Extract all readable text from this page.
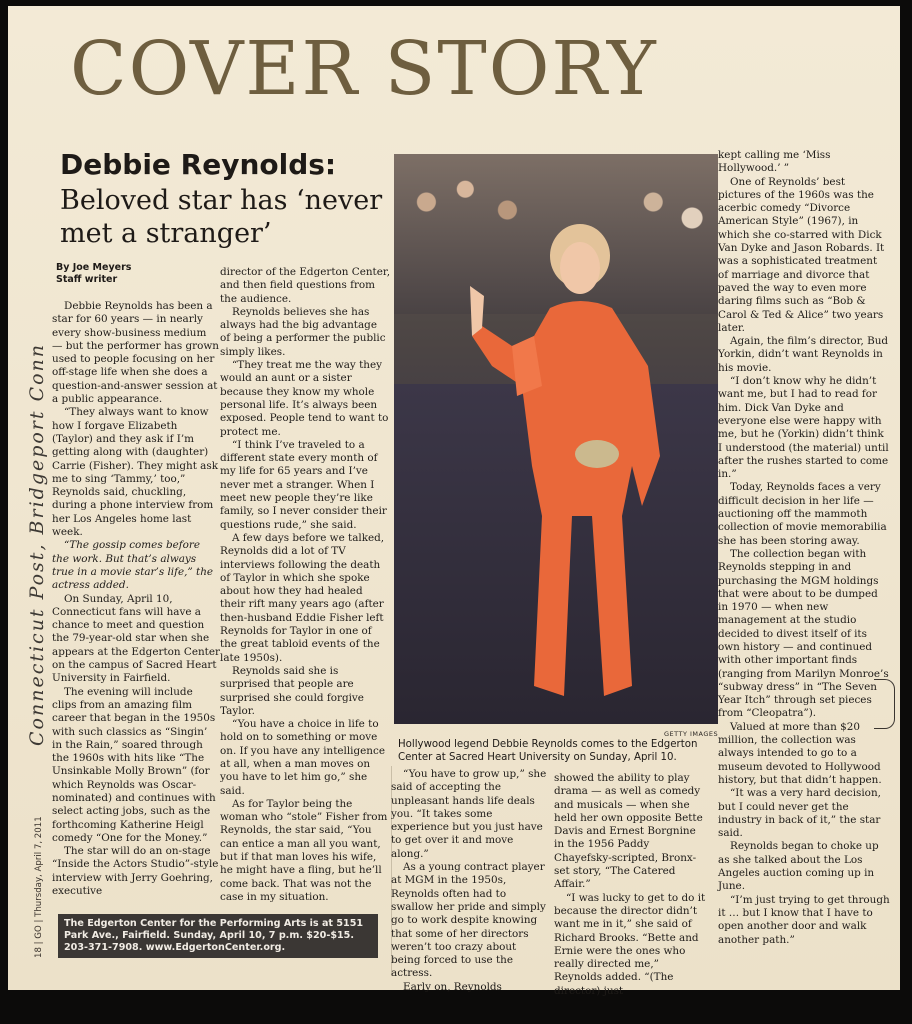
COVER STORY
Debbie Reynolds:
Beloved star has ‘never met a stranger’
By Joe Meyers
Staff writer

Debbie Reynolds has been a star for 60 years — in nearly every show-business medium — but the performer has grown used to people focusing on her off-stage life when she does a question-and-answer session at a public appearance.

“They always want to know how I forgave Elizabeth (Taylor) and they ask if I’m getting along with (daughter) Carrie (Fisher). They might ask me to sing ‘Tammy,’ too,” Reynolds said, chuckling, during a phone interview from her Los Angeles home last week.

“The gossip comes before the work. But that’s always true in a movie star’s life,” the actress added.

On Sunday, April 10, Connecticut fans will have a chance to meet and question the 79-year-old star when she appears at the Edgerton Center on the campus of Sacred Heart University in Fairfield.

The evening will include clips from an amazing film career that began in the 1950s with such classics as “Singin’ in the Rain,” soared through the 1960s with hits like “The Unsinkable Molly Brown” (for which Reynolds was Oscar-nominated) and continues with select acting jobs, such as the forthcoming Katherine Heigl comedy “One for the Money.”

The star will do an on-stage “Inside the Actors Studio”-style interview with Jerry Goehring, executive

director of the Edgerton Center, and then field questions from the audience.

Reynolds believes she has always had the big advantage of being a performer the public simply likes.

“They treat me the way they would an aunt or a sister because they know my whole personal life. It’s always been exposed. People tend to want to protect me.

“I think I’ve traveled to a different state every month of my life for 65 years and I’ve never met a stranger. When I meet new people they’re like family, so I never consider their questions rude,” she said.

A few days before we talked, Reynolds did a lot of TV interviews following the death of Taylor in which she spoke about how they had healed their rift many years ago (after then-husband Eddie Fisher left Reynolds for Taylor in one of the great tabloid events of the late 1950s).

Reynolds said she is surprised that people are surprised she could forgive Taylor.

“You have a choice in life to hold on to something or move on. If you have any intelligence at all, when a man moves on you have to let him go,” she said.

As for Taylor being the woman who “stole” Fisher from Reynolds, the star said, “You can entice a man all you want, but if that man loves his wife, he might have a fling, but he’ll come back. That was not the case in my situation.

GETTY IMAGES
Hollywood legend Debbie Reynolds comes to the Edgerton Center at Sacred Heart University on Sunday, April 10.

“You have to grow up,” she said of accepting the unpleasant hands life deals you. “It takes some experience but you just have to get over it and move along.”

As a young contract player at MGM in the 1950s, Reynolds often had to swallow her pride and simply go to work despite knowing that some of her directors weren’t too crazy about being forced to use the actress.

Early on, Reynolds

showed the ability to play drama — as well as comedy and musicals — when she held her own opposite Bette Davis and Ernest Borgnine in the 1956 Paddy Chayefsky-scripted, Bronx-set story, “The Catered Affair.”

“I was lucky to get to do it because the director didn’t want me in it,” she said of Richard Brooks. “Bette and Ernie were the ones who really directed me,” Reynolds added. “(The director) just

kept calling me ‘Miss Hollywood.’ ”

One of Reynolds’ best pictures of the 1960s was the acerbic comedy “Divorce American Style” (1967), in which she co-starred with Dick Van Dyke and Jason Robards. It was a sophisticated treatment of marriage and divorce that paved the way to even more daring films such as “Bob & Carol & Ted & Alice” two years later.

Again, the film’s director, Bud Yorkin, didn’t want Reynolds in his movie.

“I don’t know why he didn’t want me, but I had to read for him. Dick Van Dyke and everyone else were happy with me, but he (Yorkin) didn’t think I understood (the material) until after the rushes started to come in.”

Today, Reynolds faces a very difficult decision in her life — auctioning off the mammoth collection of movie memorabilia she has been storing away.

The collection began with Reynolds stepping in and purchasing the MGM holdings that were about to be dumped in 1970 — when new management at the studio decided to divest itself of its own history — and continued with other important finds (ranging from Marilyn Monroe’s “subway dress” in “The Seven Year Itch” through set pieces from “Cleopatra”).

Valued at more than $20 million, the collection was always intended to go to a museum devoted to Hollywood history, but that didn’t happen.

“It was a very hard decision, but I could never get the industry in back of it,” the star said.

Reynolds began to choke up as she talked about the Los Angeles auction coming up in June.

“I’m just trying to get through it … but I know that I have to open another door and walk another path.”

The Edgerton Center for the Performing Arts is at 5151 Park Ave., Fairfield. Sunday, April 10, 7 p.m. $20-$15. 203-371-7908. www.EdgertonCenter.org.
18 | GO | Thursday, April 7, 2011
Connecticut Post, Bridgeport Conn
